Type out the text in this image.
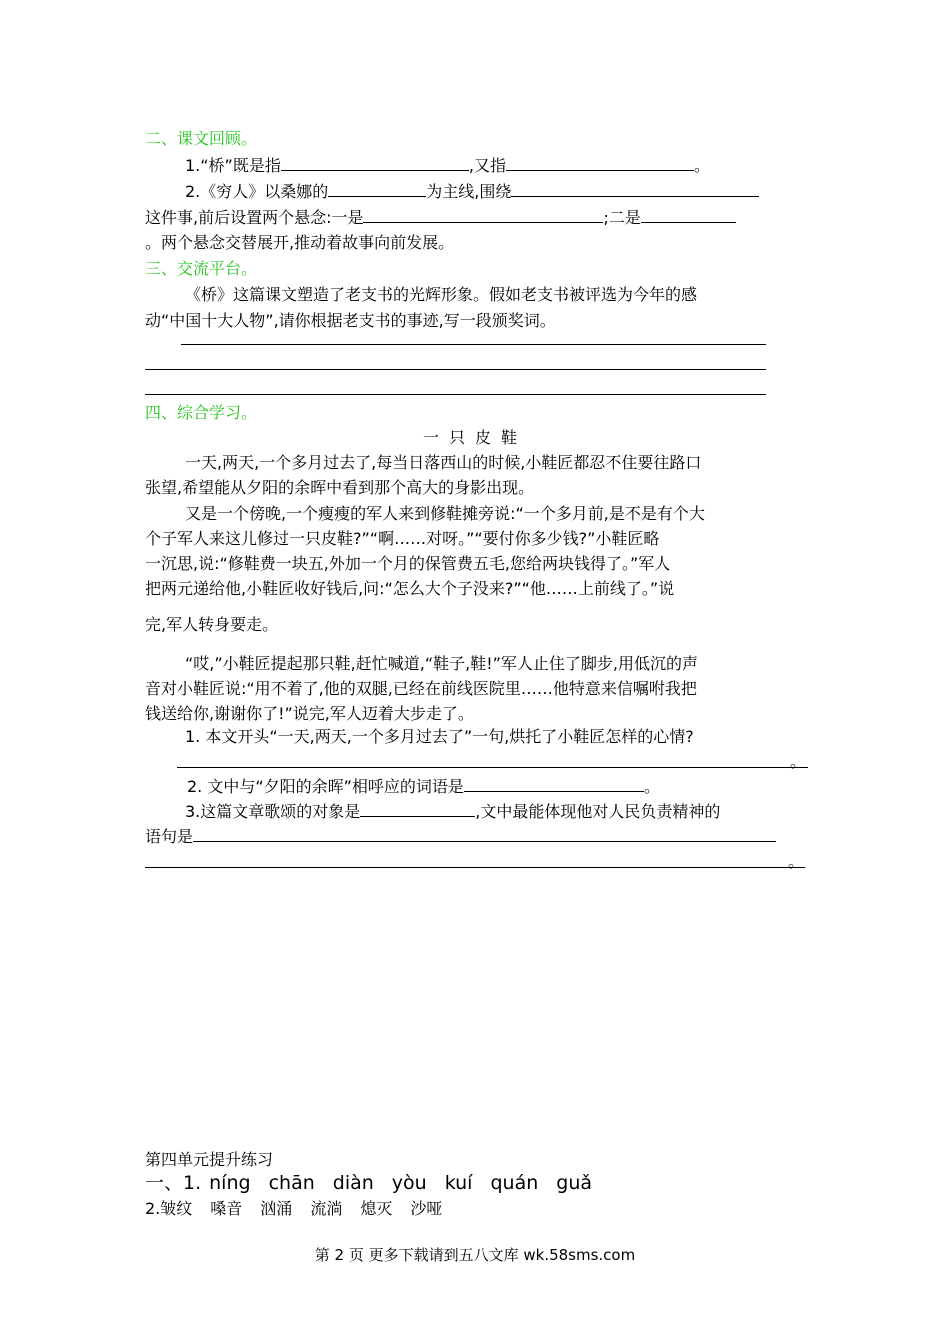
二、课文回顾。
1.“桥”既是指	,又指	。
2.《穷人》以桑娜的	为主线,围绕
这件事,前后设置两个悬念:一是	;二是
。两个悬念交替展开,推动着故事向前发展。
三、交流平台。
《桥》这篇课文塑造了老支书的光辉形象。假如老支书被评选为今年的感
动“中国十大人物”,请你根据老支书的事迹,写一段颁奖词。
四、综合学习。
一只皮鞋
一天,两天,一个多月过去了,每当日落西山的时候,小鞋匠都忍不住要往路口
张望,希望能从夕阳的余晖中看到那个高大的身影出现。
又是一个傍晚,一个瘦瘦的军人来到修鞋摊旁说:“一个多月前,是不是有个大
个子军人来这儿修过一只皮鞋?”“啊……对呀。”“要付你多少钱?”小鞋匠略
一沉思,说:“修鞋费一块五,外加一个月的保管费五毛,您给两块钱得了。”军人
把两元递给他,小鞋匠收好钱后,问:“怎么大个子没来?”“他……上前线了。”说
完,军人转身要走。
“哎,”小鞋匠提起那只鞋,赶忙喊道,“鞋子,鞋!”军人止住了脚步,用低沉的声
音对小鞋匠说:“用不着了,他的双腿,已经在前线医院里……他特意来信嘱咐我把
钱送给你,谢谢你了!”说完,军人迈着大步走了。
1. 本文开头“一天,两天,一个多月过去了”一句,烘托了小鞋匠怎样的心情?
。
2. 文中与“夕阳的余晖”相呼应的词语是	。
3.这篇文章歌颂的对象是	,文中最能体现他对人民负责精神的
语句是
。
第四单元提升练习
一、1. níng chān diàn yòu kuí quán guǎ
2.皱纹 嗓音 汹涌 流淌 熄灭 沙哑
第 2 页 更多下载请到五八文库 wk.58sms.com
